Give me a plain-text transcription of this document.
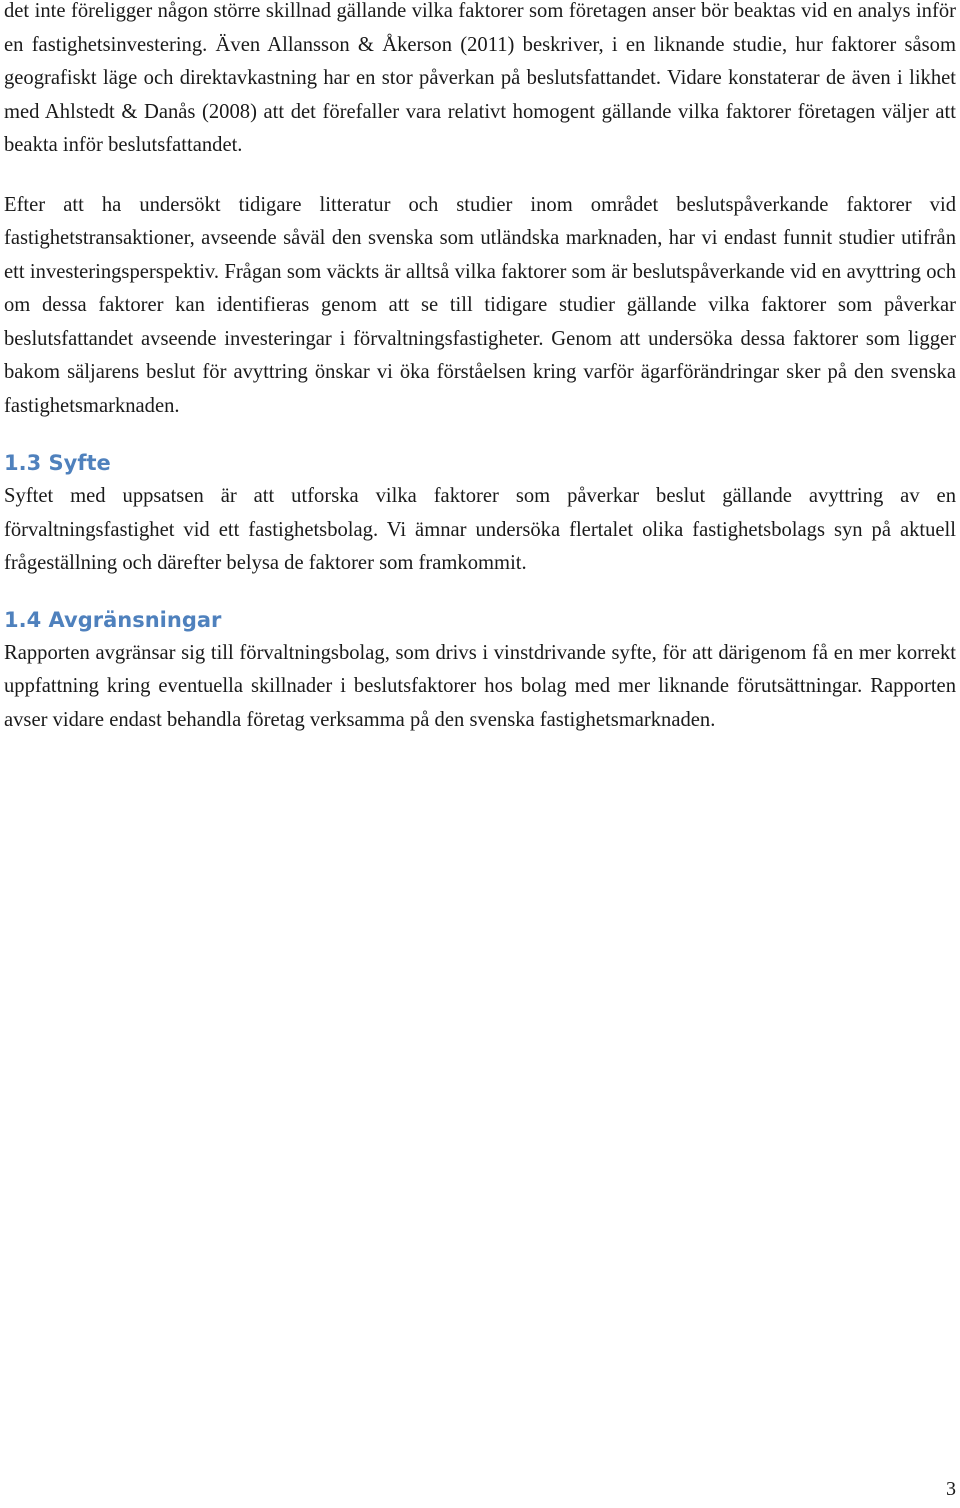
det inte föreligger någon större skillnad gällande vilka faktorer som företagen anser bör beaktas vid en analys inför en fastighetsinvestering. Även Allansson & Åkerson (2011) beskriver, i en liknande studie, hur faktorer såsom geografiskt läge och direktavkastning har en stor påverkan på beslutsfattandet. Vidare konstaterar de även i likhet med Ahlstedt & Danås (2008) att det förefaller vara relativt homogent gällande vilka faktorer företagen väljer att beakta inför beslutsfattandet.

Efter att ha undersökt tidigare litteratur och studier inom området beslutspåverkande faktorer vid fastighetstransaktioner, avseende såväl den svenska som utländska marknaden, har vi endast funnit studier utifrån ett investeringsperspektiv. Frågan som väckts är alltså vilka faktorer som är beslutspåverkande vid en avyttring och om dessa faktorer kan identifieras genom att se till tidigare studier gällande vilka faktorer som påverkar beslutsfattandet avseende investeringar i förvaltningsfastigheter. Genom att undersöka dessa faktorer som ligger bakom säljarens beslut för avyttring önskar vi öka förståelsen kring varför ägarförändringar sker på den svenska fastighetsmarknaden.

1.3 Syfte

Syftet med uppsatsen är att utforska vilka faktorer som påverkar beslut gällande avyttring av en förvaltningsfastighet vid ett fastighetsbolag. Vi ämnar undersöka flertalet olika fastighetsbolags syn på aktuell frågeställning och därefter belysa de faktorer som framkommit.

1.4 Avgränsningar

Rapporten avgränsar sig till förvaltningsbolag, som drivs i vinstdrivande syfte, för att därigenom få en mer korrekt uppfattning kring eventuella skillnader i beslutsfaktorer hos bolag med mer liknande förutsättningar. Rapporten avser vidare endast behandla företag verksamma på den svenska fastighetsmarknaden.

3
